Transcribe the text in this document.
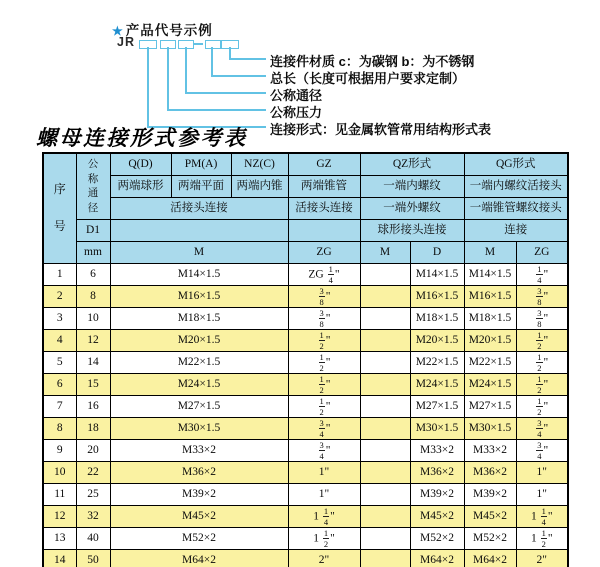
★ 产品代号示例
JR
连接件材质 c：为碳钢 b：为不锈钢
总长（长度可根据用户要求定制）
公称通径
公称压力
连接形式：见金属软管常用结构形式表
螺母连接形式参考表
序
号	公
称
通
径	Q(D)	PM(A)	NZ(C)	GZ	QZ形式		QG形式	
		两端球形	两端平面	两端内锥	两端锥管	一端内螺纹		一端内螺纹活接头	
		活接头连接			活接头连接	一端外螺纹		一端锥管螺纹接头	
	D1					球形接头连接		连接	
	mm	M			ZG	M	D	M	ZG
1	6	M14×1.5			ZG $\frac{1}{4}$ "		M14×1.5	M14×1.5	$\frac{1}{4}$ "
2	8	M16×1.5			$\frac{3}{8}$ "		M16×1.5	M16×1.5	$\frac{3}{8}$ "
3	10	M18×1.5			$\frac{3}{8}$ "		M18×1.5	M18×1.5	$\frac{3}{8}$ "
4	12	M20×1.5			$\frac{1}{2}$ "		M20×1.5	M20×1.5	$\frac{1}{2}$ "
5	14	M22×1.5			$\frac{1}{2}$ "		M22×1.5	M22×1.5	$\frac{1}{2}$ "
6	15	M24×1.5			$\frac{1}{2}$ "		M24×1.5	M24×1.5	$\frac{1}{2}$ "
7	16	M27×1.5			$\frac{1}{2}$ "		M27×1.5	M27×1.5	$\frac{1}{2}$ "
8	18	M30×1.5			$\frac{3}{4}$ "		M30×1.5	M30×1.5	$\frac{3}{4}$ "
9	20	M33×2			$\frac{3}{4}$ "		M33×2	M33×2	$\frac{3}{4}$ "
10	22	M36×2			1"		M36×2	M36×2	1"
11	25	M39×2			1"		M39×2	M39×2	1"
12	32	M45×2			$1 \frac{1}{4}$ "		M45×2	M45×2	$1 \frac{1}{4}$ "
13	40	M52×2			$1 \frac{1}{2}$ "		M52×2	M52×2	$1 \frac{1}{2}$ "
14	50	M64×2			2"		M64×2	M64×2	2"
